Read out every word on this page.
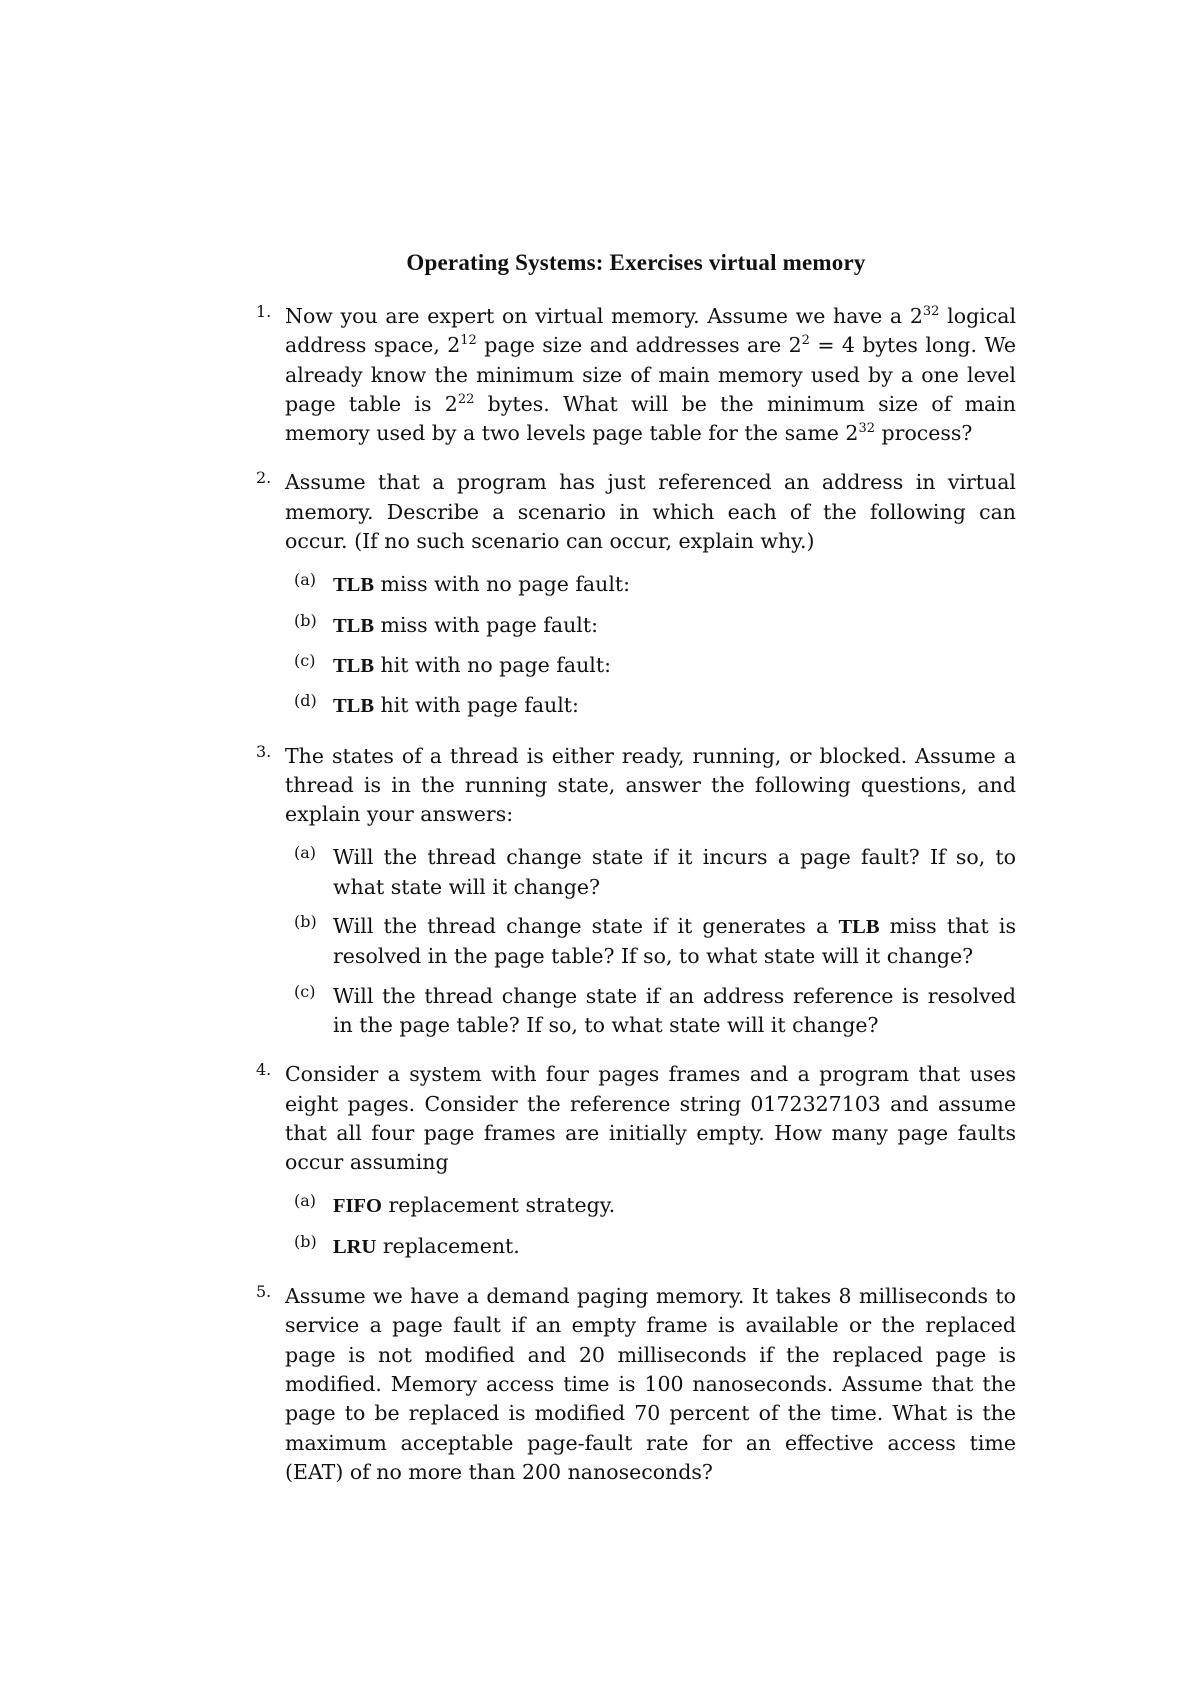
Operating Systems: Exercises virtual memory
1. Now you are expert on virtual memory. Assume we have a $2^{32}$ logical address space, $2^{12}$ page size and addresses are $2^2 = 4$ bytes long. We already know the minimum size of main memory used by a one level page table is $2^{22}$ bytes. What will be the minimum size of main memory used by a two levels page table for the same $2^{32}$ process?

2. Assume that a program has just referenced an address in virtual memory. Describe a scenario in which each of the following can occur. (If no such scenario can occur, explain why.)

(a) TLB miss with no page fault:

(b) TLB miss with page fault:

(c) TLB hit with no page fault:

(d) TLB hit with page fault:

3. The states of a thread is either ready, running, or blocked. Assume a thread is in the running state, answer the following questions, and explain your answers:

(a) Will the thread change state if it incurs a page fault? If so, to what state will it change?

(b) Will the thread change state if it generates a TLB miss that is resolved in the page table? If so, to what state will it change?

(c) Will the thread change state if an address reference is resolved in the page table? If so, to what state will it change?

4. Consider a system with four pages frames and a program that uses eight pages. Consider the reference string 0172327103 and assume that all four page frames are initially empty. How many page faults occur assuming

(a) FIFO replacement strategy.

(b) LRU replacement.

5. Assume we have a demand paging memory. It takes 8 milliseconds to service a page fault if an empty frame is available or the replaced page is not modified and 20 milliseconds if the replaced page is modified. Memory access time is 100 nanoseconds. Assume that the page to be replaced is modified 70 percent of the time. What is the maximum acceptable page-fault rate for an effective access time (EAT) of no more than 200 nanoseconds?
